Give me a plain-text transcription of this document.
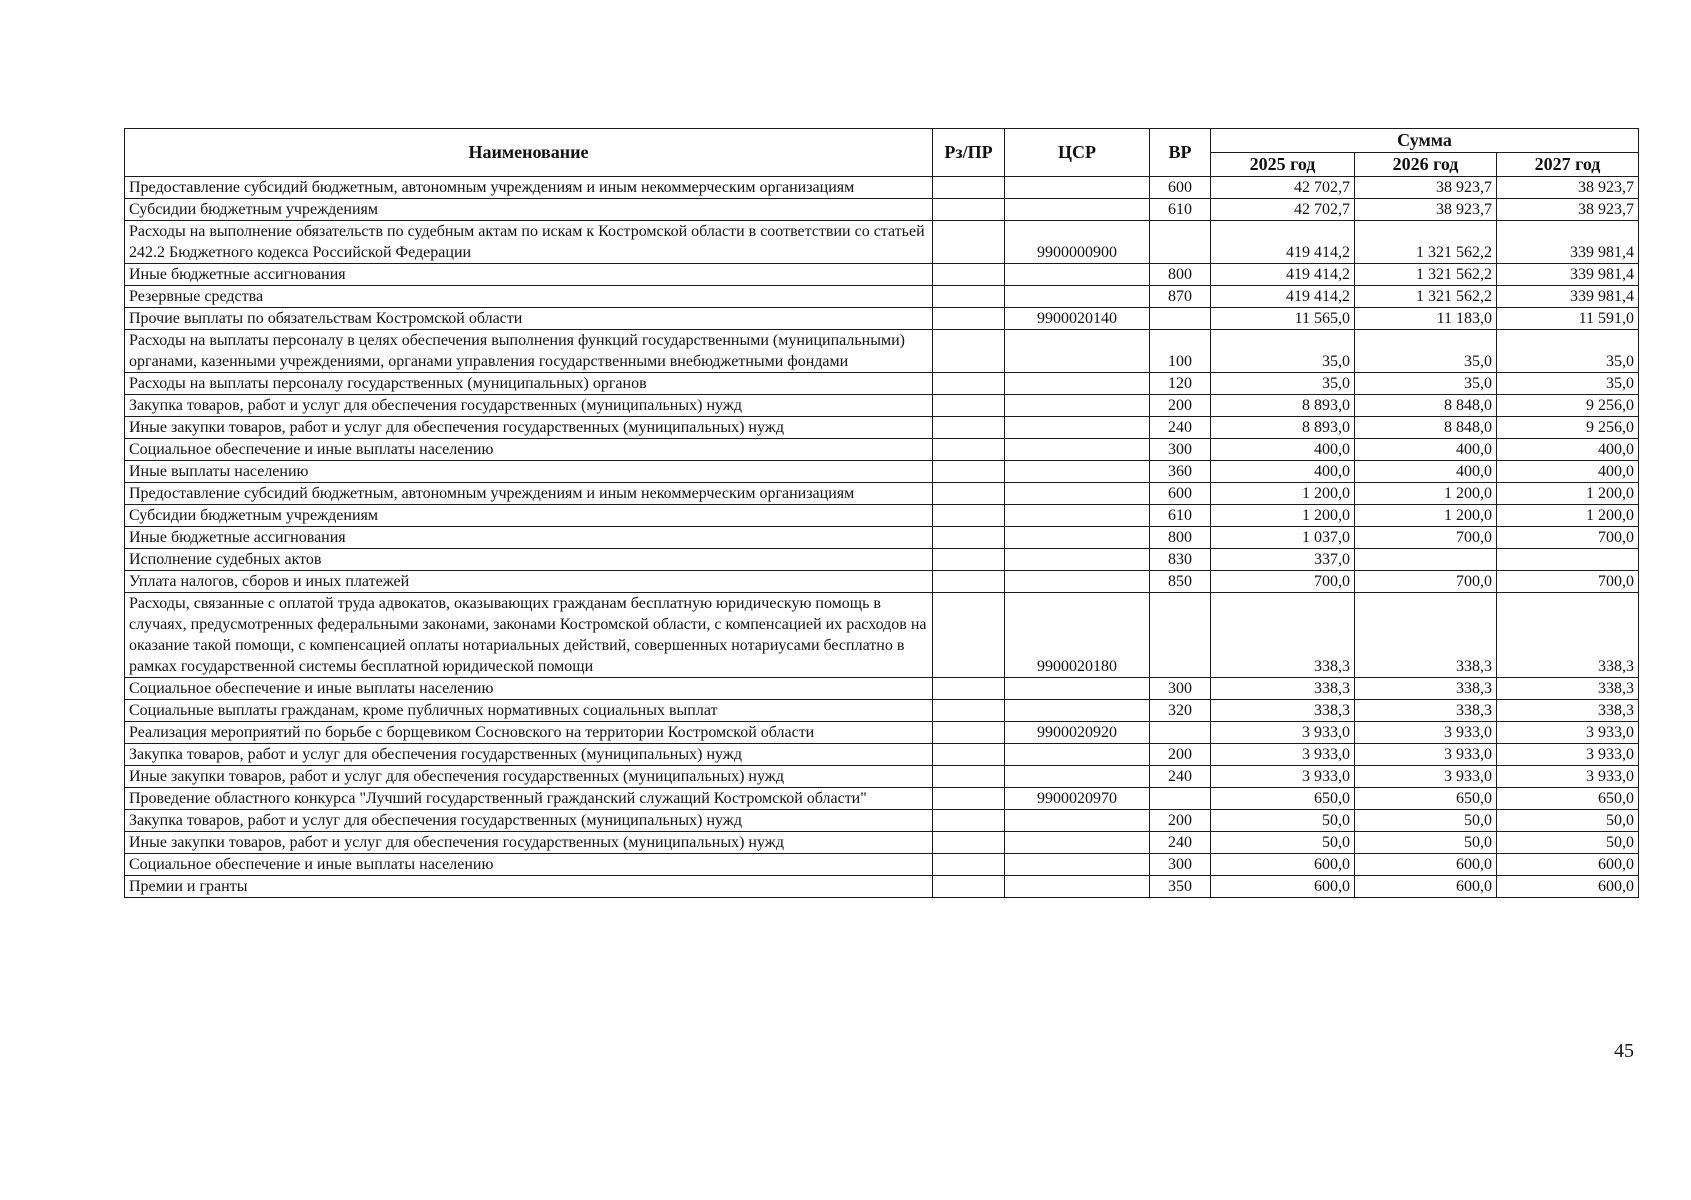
Наименование	Рз/ПР	ЦСР	ВР	Сумма		
				2025 год	2026 год	2027 год
Предоставление субсидий бюджетным, автономным учреждениям и иным некоммерческим организациям			600	42 702,7	38 923,7	38 923,7
Субсидии бюджетным учреждениям			610	42 702,7	38 923,7	38 923,7
Расходы на выполнение обязательств по судебным актам по искам к Костромской области в соответствии со статьей 242.2 Бюджетного кодекса Российской Федерации		9900000900		419 414,2	1 321 562,2	339 981,4
Иные бюджетные ассигнования			800	419 414,2	1 321 562,2	339 981,4
Резервные средства			870	419 414,2	1 321 562,2	339 981,4
Прочие выплаты по обязательствам Костромской области		9900020140		11 565,0	11 183,0	11 591,0
Расходы на выплаты персоналу в целях обеспечения выполнения функций государственными (муниципальными) органами, казенными учреждениями, органами управления государственными внебюджетными фондами			100	35,0	35,0	35,0
Расходы на выплаты персоналу государственных (муниципальных) органов			120	35,0	35,0	35,0
Закупка товаров, работ и услуг для обеспечения государственных (муниципальных) нужд			200	8 893,0	8 848,0	9 256,0
Иные закупки товаров, работ и услуг для обеспечения государственных (муниципальных) нужд			240	8 893,0	8 848,0	9 256,0
Социальное обеспечение и иные выплаты населению			300	400,0	400,0	400,0
Иные выплаты населению			360	400,0	400,0	400,0
Предоставление субсидий бюджетным, автономным учреждениям и иным некоммерческим организациям			600	1 200,0	1 200,0	1 200,0
Субсидии бюджетным учреждениям			610	1 200,0	1 200,0	1 200,0
Иные бюджетные ассигнования			800	1 037,0	700,0	700,0
Исполнение судебных актов			830	337,0		
Уплата налогов, сборов и иных платежей			850	700,0	700,0	700,0
Расходы, связанные с оплатой труда адвокатов, оказывающих гражданам бесплатную юридическую помощь в случаях, предусмотренных федеральными законами, законами Костромской области, с компенсацией их расходов на оказание такой помощи, с компенсацией оплаты нотариальных действий, совершенных нотариусами бесплатно в рамках государственной системы бесплатной юридической помощи		9900020180		338,3	338,3	338,3
Социальное обеспечение и иные выплаты населению			300	338,3	338,3	338,3
Социальные выплаты гражданам, кроме публичных нормативных социальных выплат			320	338,3	338,3	338,3
Реализация мероприятий по борьбе с борщевиком Сосновского на территории Костромской области		9900020920		3 933,0	3 933,0	3 933,0
Закупка товаров, работ и услуг для обеспечения государственных (муниципальных) нужд			200	3 933,0	3 933,0	3 933,0
Иные закупки товаров, работ и услуг для обеспечения государственных (муниципальных) нужд			240	3 933,0	3 933,0	3 933,0
Проведение областного конкурса "Лучший государственный гражданский служащий Костромской области"		9900020970		650,0	650,0	650,0
Закупка товаров, работ и услуг для обеспечения государственных (муниципальных) нужд			200	50,0	50,0	50,0
Иные закупки товаров, работ и услуг для обеспечения государственных (муниципальных) нужд			240	50,0	50,0	50,0
Социальное обеспечение и иные выплаты населению			300	600,0	600,0	600,0
Премии и гранты			350	600,0	600,0	600,0
45
